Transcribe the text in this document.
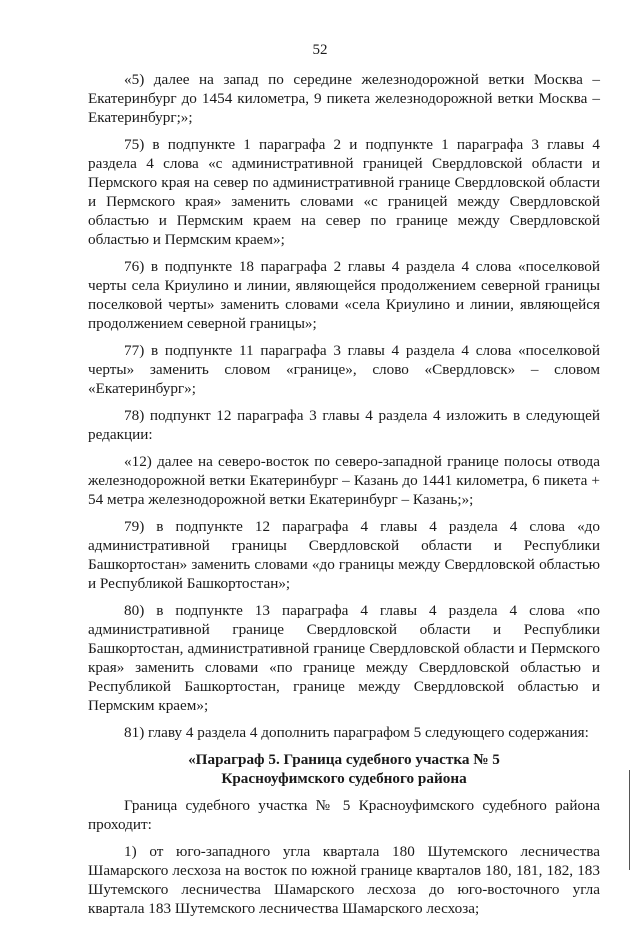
52

«5) далее на запад по середине железнодорожной ветки Москва – Екатеринбург до 1454 километра, 9 пикета железнодорожной ветки Москва – Екатеринбург;»;

75) в подпункте 1 параграфа 2 и подпункте 1 параграфа 3 главы 4 раздела 4 слова «с административной границей Свердловской области и Пермского края на север по административной границе Свердловской области и Пермского края» заменить словами «с границей между Свердловской областью и Пермским краем на север по границе между Свердловской областью и Пермским краем»;

76) в подпункте 18 параграфа 2 главы 4 раздела 4 слова «поселковой черты села Криулино и линии, являющейся продолжением северной границы поселковой черты» заменить словами «села Криулино и линии, являющейся продолжением северной границы»;

77) в подпункте 11 параграфа 3 главы 4 раздела 4 слова «поселковой черты» заменить словом «границе», слово «Свердловск» – словом «Екатеринбург»;

78) подпункт 12 параграфа 3 главы 4 раздела 4 изложить в следующей редакции:

«12) далее на северо-восток по северо-западной границе полосы отвода железнодорожной ветки Екатеринбург – Казань до 1441 километра, 6 пикета + 54 метра железнодорожной ветки Екатеринбург – Казань;»;

79) в подпункте 12 параграфа 4 главы 4 раздела 4 слова «до административной границы Свердловской области и Республики Башкортостан» заменить словами «до границы между Свердловской областью и Республикой Башкортостан»;

80) в подпункте 13 параграфа 4 главы 4 раздела 4 слова «по административной границе Свердловской области и Республики Башкортостан, административной границе Свердловской области и Пермского края» заменить словами «по границе между Свердловской областью и Республикой Башкортостан, границе между Свердловской областью и Пермским краем»;

81) главу 4 раздела 4 дополнить параграфом 5 следующего содержания:

«Параграф 5. Граница судебного участка № 5
Красноуфимского судебного района

Граница судебного участка № 5 Красноуфимского судебного района проходит:

1) от юго-западного угла квартала 180 Шутемского лесничества Шамарского лесхоза на восток по южной границе кварталов 180, 181, 182, 183 Шутемского лесничества Шамарского лесхоза до юго-восточного угла квартала 183 Шутемского лесничества Шамарского лесхоза;
